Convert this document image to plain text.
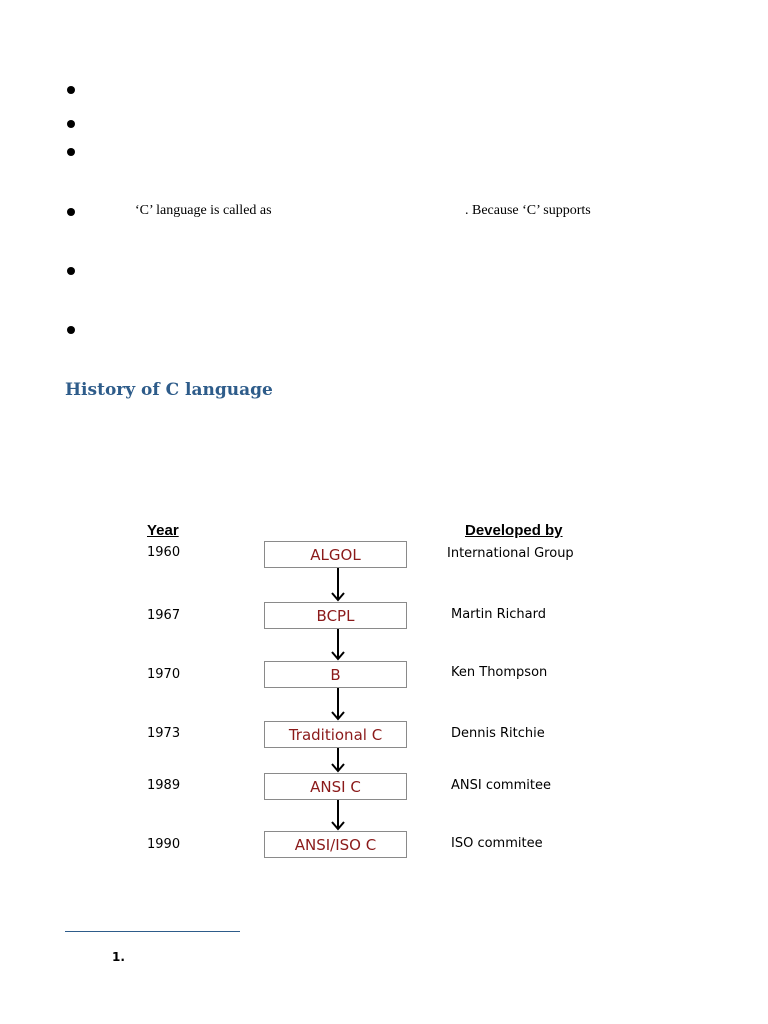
‘C’ language is called as	. Because ‘C’ supports
History of C language
Year	Developed by
1960	ALGOL	International Group
1967	BCPL	Martin Richard
1970	B	Ken Thompson
1973	Traditional C	Dennis Ritchie
1989	ANSI C	ANSI commitee
1990	ANSI/ISO C	ISO commitee
1.
